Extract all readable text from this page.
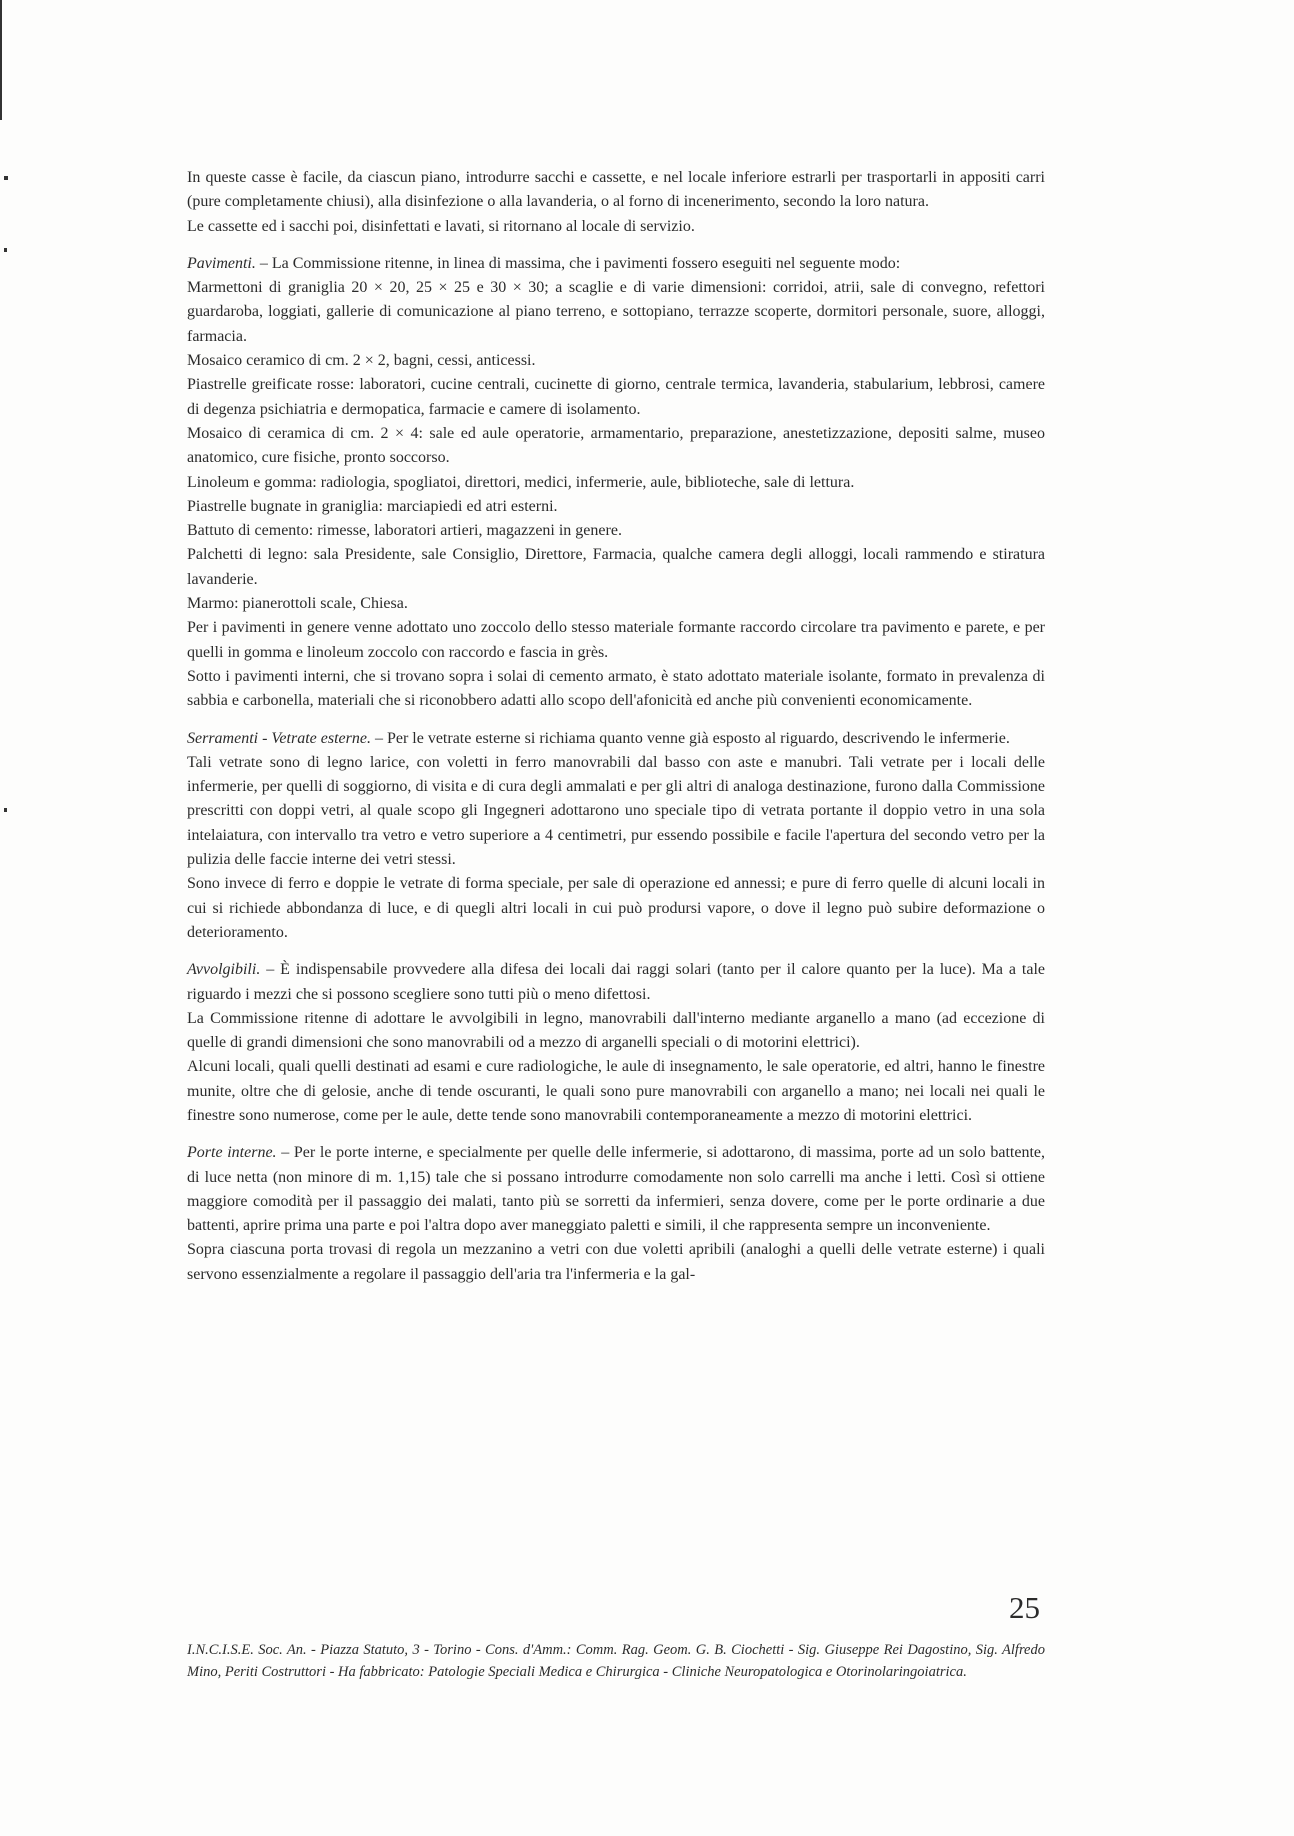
In queste casse è facile, da ciascun piano, introdurre sacchi e cassette, e nel locale inferiore estrarli per trasportarli in appositi carri (pure completamente chiusi), alla disinfezione o alla lavanderia, o al forno di incenerimento, secondo la loro natura.

Le cassette ed i sacchi poi, disinfettati e lavati, si ritornano al locale di servizio.

Pavimenti. – La Commissione ritenne, in linea di massima, che i pavimenti fossero eseguiti nel seguente modo:

Marmettoni di graniglia 20 × 20, 25 × 25 e 30 × 30; a scaglie e di varie dimensioni: corridoi, atrii, sale di convegno, refettori guardaroba, loggiati, gallerie di comunicazione al piano terreno, e sottopiano, terrazze scoperte, dormitori personale, suore, alloggi, farmacia.

Mosaico ceramico di cm. 2 × 2, bagni, cessi, anticessi.

Piastrelle greificate rosse: laboratori, cucine centrali, cucinette di giorno, centrale termica, lavanderia, stabularium, lebbrosi, camere di degenza psichiatria e dermopatica, farmacie e camere di isolamento.

Mosaico di ceramica di cm. 2 × 4: sale ed aule operatorie, armamentario, preparazione, anestetizzazione, depositi salme, museo anatomico, cure fisiche, pronto soccorso.

Linoleum e gomma: radiologia, spogliatoi, direttori, medici, infermerie, aule, biblioteche, sale di lettura.

Piastrelle bugnate in graniglia: marciapiedi ed atri esterni.

Battuto di cemento: rimesse, laboratori artieri, magazzeni in genere.

Palchetti di legno: sala Presidente, sale Consiglio, Direttore, Farmacia, qualche camera degli alloggi, locali rammendo e stiratura lavanderie.

Marmo: pianerottoli scale, Chiesa.

Per i pavimenti in genere venne adottato uno zoccolo dello stesso materiale formante raccordo circolare tra pavimento e parete, e per quelli in gomma e linoleum zoccolo con raccordo e fascia in grès.

Sotto i pavimenti interni, che si trovano sopra i solai di cemento armato, è stato adottato materiale isolante, formato in prevalenza di sabbia e carbonella, materiali che si riconobbero adatti allo scopo dell'afonicità ed anche più convenienti economicamente.

Serramenti - Vetrate esterne. – Per le vetrate esterne si richiama quanto venne già esposto al riguardo, descrivendo le infermerie.

Tali vetrate sono di legno larice, con voletti in ferro manovrabili dal basso con aste e manubri. Tali vetrate per i locali delle infermerie, per quelli di soggiorno, di visita e di cura degli ammalati e per gli altri di analoga destinazione, furono dalla Commissione prescritti con doppi vetri, al quale scopo gli Ingegneri adottarono uno speciale tipo di vetrata portante il doppio vetro in una sola intelaiatura, con intervallo tra vetro e vetro superiore a 4 centimetri, pur essendo possibile e facile l'apertura del secondo vetro per la pulizia delle faccie interne dei vetri stessi.

Sono invece di ferro e doppie le vetrate di forma speciale, per sale di operazione ed annessi; e pure di ferro quelle di alcuni locali in cui si richiede abbondanza di luce, e di quegli altri locali in cui può prodursi vapore, o dove il legno può subire deformazione o deterioramento.

Avvolgibili. – È indispensabile provvedere alla difesa dei locali dai raggi solari (tanto per il calore quanto per la luce). Ma a tale riguardo i mezzi che si possono scegliere sono tutti più o meno difettosi.

La Commissione ritenne di adottare le avvolgibili in legno, manovrabili dall'interno mediante arganello a mano (ad eccezione di quelle di grandi dimensioni che sono manovrabili od a mezzo di arganelli speciali o di motorini elettrici).

Alcuni locali, quali quelli destinati ad esami e cure radiologiche, le aule di insegnamento, le sale operatorie, ed altri, hanno le finestre munite, oltre che di gelosie, anche di tende oscuranti, le quali sono pure manovrabili con arganello a mano; nei locali nei quali le finestre sono numerose, come per le aule, dette tende sono manovrabili contemporaneamente a mezzo di motorini elettrici.

Porte interne. – Per le porte interne, e specialmente per quelle delle infermerie, si adottarono, di massima, porte ad un solo battente, di luce netta (non minore di m. 1,15) tale che si possano introdurre comodamente non solo carrelli ma anche i letti. Così si ottiene maggiore comodità per il passaggio dei malati, tanto più se sorretti da infermieri, senza dovere, come per le porte ordinarie a due battenti, aprire prima una parte e poi l'altra dopo aver maneggiato paletti e simili, il che rappresenta sempre un inconveniente.

Sopra ciascuna porta trovasi di regola un mezzanino a vetri con due voletti apribili (analoghi a quelli delle vetrate esterne) i quali servono essenzialmente a regolare il passaggio dell'aria tra l'infermeria e la gal-

25
I.N.C.I.S.E. Soc. An. - Piazza Statuto, 3 - Torino - Cons. d'Amm.: Comm. Rag. Geom. G. B. Ciochetti - Sig. Giuseppe Rei Dagostino, Sig. Alfredo Mino, Periti Costruttori - Ha fabbricato: Patologie Speciali Medica e Chirurgica - Cliniche Neuropatologica e Otorinolaringoiatrica.
